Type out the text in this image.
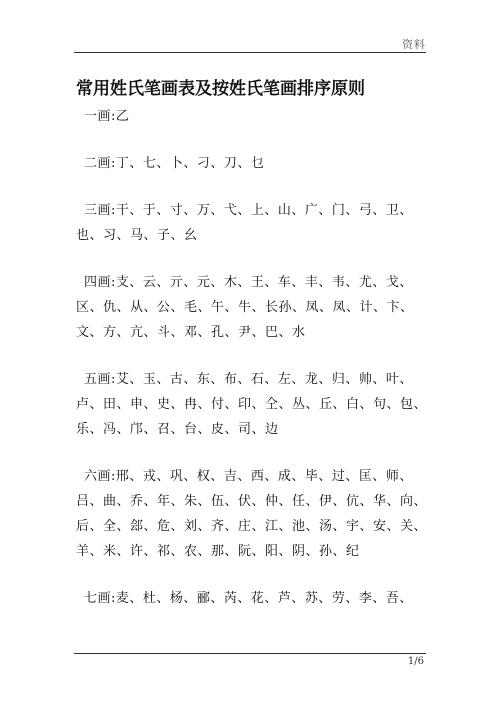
资料
常用姓氏笔画表及按姓氏笔画排序原则
一画:乙
二画:丁、七、卜、刁、刀、乜
三画:干、于、寸、万、弋、上、山、广、门、弓、卫、
也、习、马、子、幺
四画:支、云、亓、元、木、王、车、丰、韦、尤、戈、
区、仇、从、公、毛、午、牛、长孙、凤、凤、计、卞、
文、方、亢、斗、邓、孔、尹、巴、水
五画:艾、玉、古、东、布、石、左、龙、归、帅、叶、
卢、田、申、史、冉、付、印、仝、丛、丘、白、句、包、
乐、冯、邝、召、台、皮、司、边
六画:邢、戎、巩、权、吉、西、成、毕、过、匡、师、
吕、曲、乔、年、朱、伍、伏、仲、任、伊、伉、华、向、
后、全、郐、危、刘、齐、庄、江、池、汤、宇、安、关、
羊、米、许、祁、农、那、阮、阳、阴、孙、纪
七画:麦、杜、杨、郦、芮、花、芦、苏、劳、李、吾、
1/6
